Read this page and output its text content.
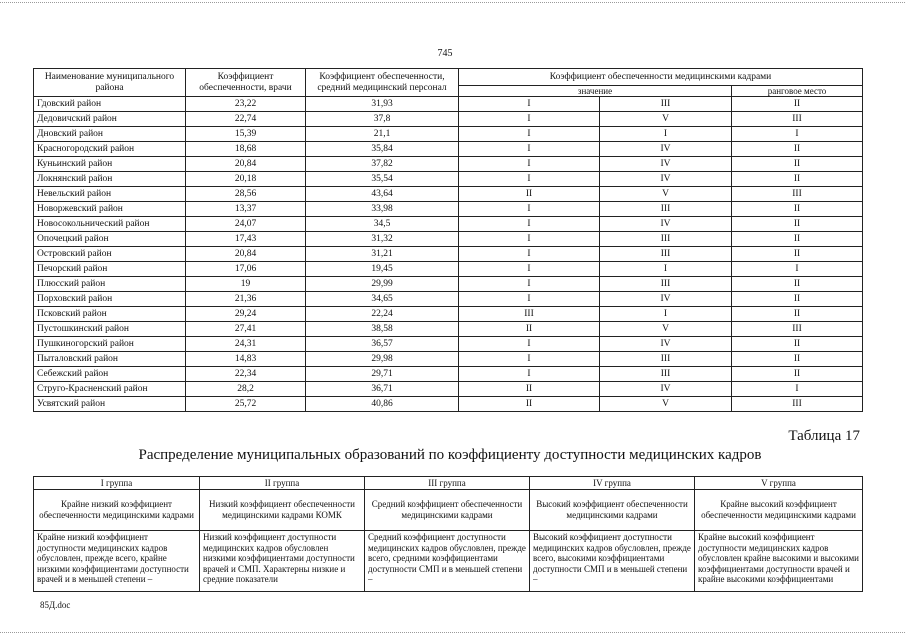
745
Наименование муниципального района	Коэффициент обеспеченности, врачи	Коэффициент обеспеченности, средний медицинский персонал	Коэффициент обеспеченности медицинскими кадрами		
			значение		ранговое место
Гдовский район	23,22	31,93	I	III	II
Дедовичский район	22,74	37,8	I	V	III
Дновский район	15,39	21,1	I	I	I
Красногородский район	18,68	35,84	I	IV	II
Куньинский район	20,84	37,82	I	IV	II
Локнянский район	20,18	35,54	I	IV	II
Невельский район	28,56	43,64	II	V	III
Новоржевский район	13,37	33,98	I	III	II
Новосокольнический район	24,07	34,5	I	IV	II
Опочецкий район	17,43	31,32	I	III	II
Островский район	20,84	31,21	I	III	II
Печорский район	17,06	19,45	I	I	I
Плюсский район	19	29,99	I	III	II
Порховский район	21,36	34,65	I	IV	II
Псковский район	29,24	22,24	III	I	II
Пустошкинский район	27,41	38,58	II	V	III
Пушкиногорский район	24,31	36,57	I	IV	II
Пыталовский район	14,83	29,98	I	III	II
Себежский район	22,34	29,71	I	III	II
Струго-Красненский район	28,2	36,71	II	IV	I
Усвятский район	25,72	40,86	II	V	III
Таблица 17
Распределение муниципальных образований по коэффициенту доступности медицинских кадров
I группа	II группа	III группа	IV группа	V группа
Крайне низкий коэффициент обеспеченности медицинскими кадрами	Низкий коэффициент обеспеченности медицинскими кадрами КОМК	Средний коэффициент обеспеченности медицинскими кадрами	Высокий коэффициент обеспеченности медицинскими кадрами	Крайне высокий коэффициент обеспеченности медицинскими кадрами

Крайне низкий коэффициент доступности медицинских кадров обусловлен, прежде всего, крайне низкими коэффициентами доступности врачей и в меньшей степени –	Низкий коэффициент доступности медицинских кадров обусловлен низкими коэффициентами доступности врачей и СМП. Характерны низкие и средние показатели	Средний коэффициент доступности медицинских кадров обусловлен, прежде всего, средними коэффициентами доступности СМП и в меньшей степени –	Высокий коэффициент доступности медицинских кадров обусловлен, прежде всего, высокими коэффициентами доступности СМП и в меньшей степени –	Крайне высокий коэффициент доступности медицинских кадров обусловлен крайне высокими и высокими коэффициентами доступности врачей и крайне высокими коэффициентами
85Д.doc
